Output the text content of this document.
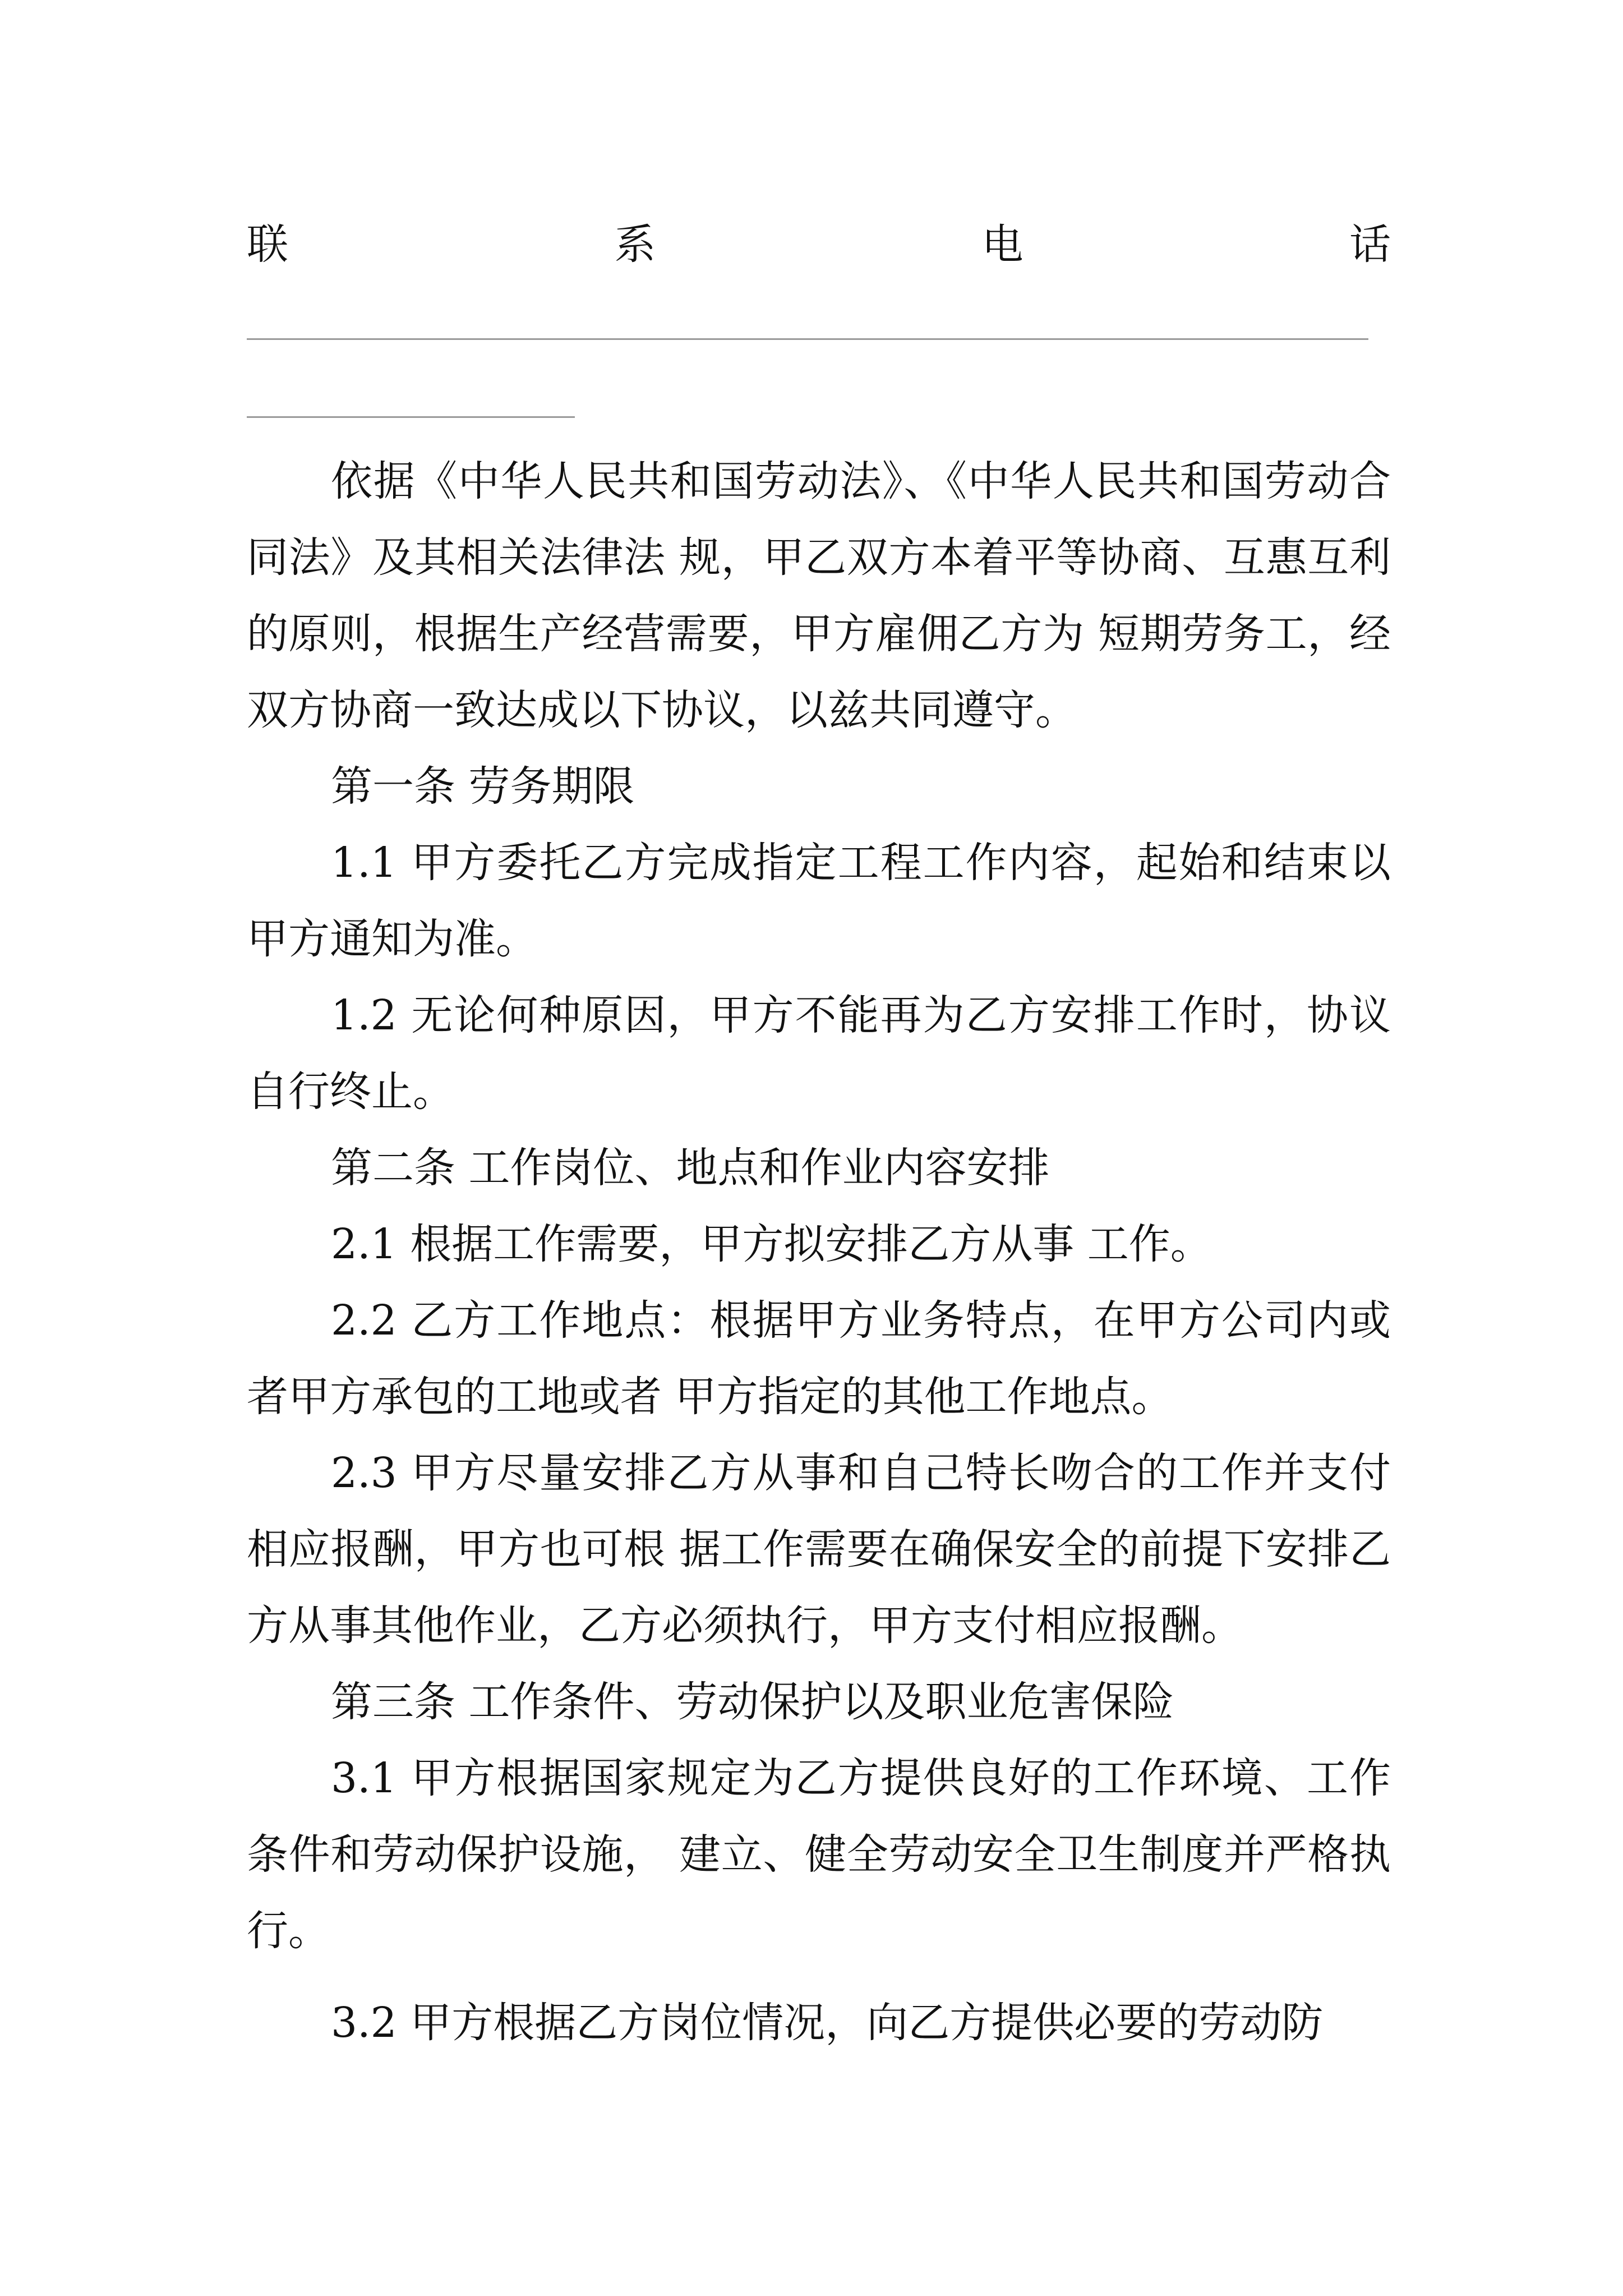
联	系	电	话

依据《中华人民共和国劳动法》、《中华人民共和国劳动合同法》及其相关法律法 规，甲乙双方本着平等协商、互惠互利的原则，根据生产经营需要，甲方雇佣乙方为 短期劳务工，经双方协商一致达成以下协议，以兹共同遵守。

第一条 劳务期限

1.1 甲方委托乙方完成指定工程工作内容，起始和结束以甲方通知为准。

1.2 无论何种原因，甲方不能再为乙方安排工作时，协议自行终止。

第二条 工作岗位、地点和作业内容安排

2.1 根据工作需要，甲方拟安排乙方从事 工作。

2.2 乙方工作地点：根据甲方业务特点，在甲方公司内或者甲方承包的工地或者 甲方指定的其他工作地点。

2.3 甲方尽量安排乙方从事和自己特长吻合的工作并支付相应报酬，甲方也可根 据工作需要在确保安全的前提下安排乙方从事其他作业，乙方必须执行，甲方支付相应报酬。

第三条 工作条件、劳动保护以及职业危害保险

3.1 甲方根据国家规定为乙方提供良好的工作环境、工作条件和劳动保护设施， 建立、健全劳动安全卫生制度并严格执行。

3.2 甲方根据乙方岗位情况，向乙方提供必要的劳动防
